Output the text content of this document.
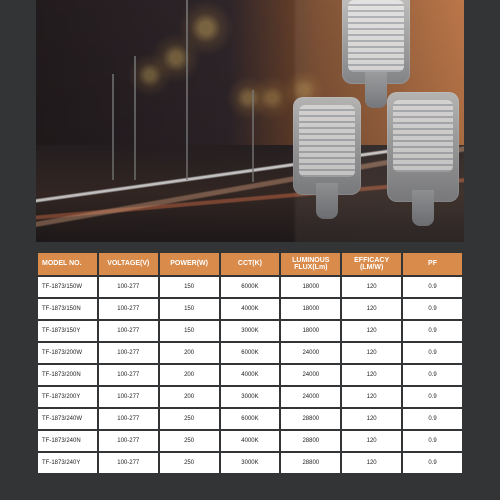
MODEL NO.	VOLTAGE(V)	POWER(W)	CCT(K)	LUMINOUS FLUX(Lm)	EFFICACY (LM/W)	PF
TF-1873/150W	100-277	150	6000K	18000	120	0.9
TF-1873/150N	100-277	150	4000K	18000	120	0.9
TF-1873/150Y	100-277	150	3000K	18000	120	0.9
TF-1873/200W	100-277	200	6000K	24000	120	0.9
TF-1873/200N	100-277	200	4000K	24000	120	0.9
TF-1873/200Y	100-277	200	3000K	24000	120	0.9
TF-1873/240W	100-277	250	6000K	28800	120	0.9
TF-1873/240N	100-277	250	4000K	28800	120	0.9
TF-1873/240Y	100-277	250	3000K	28800	120	0.9
